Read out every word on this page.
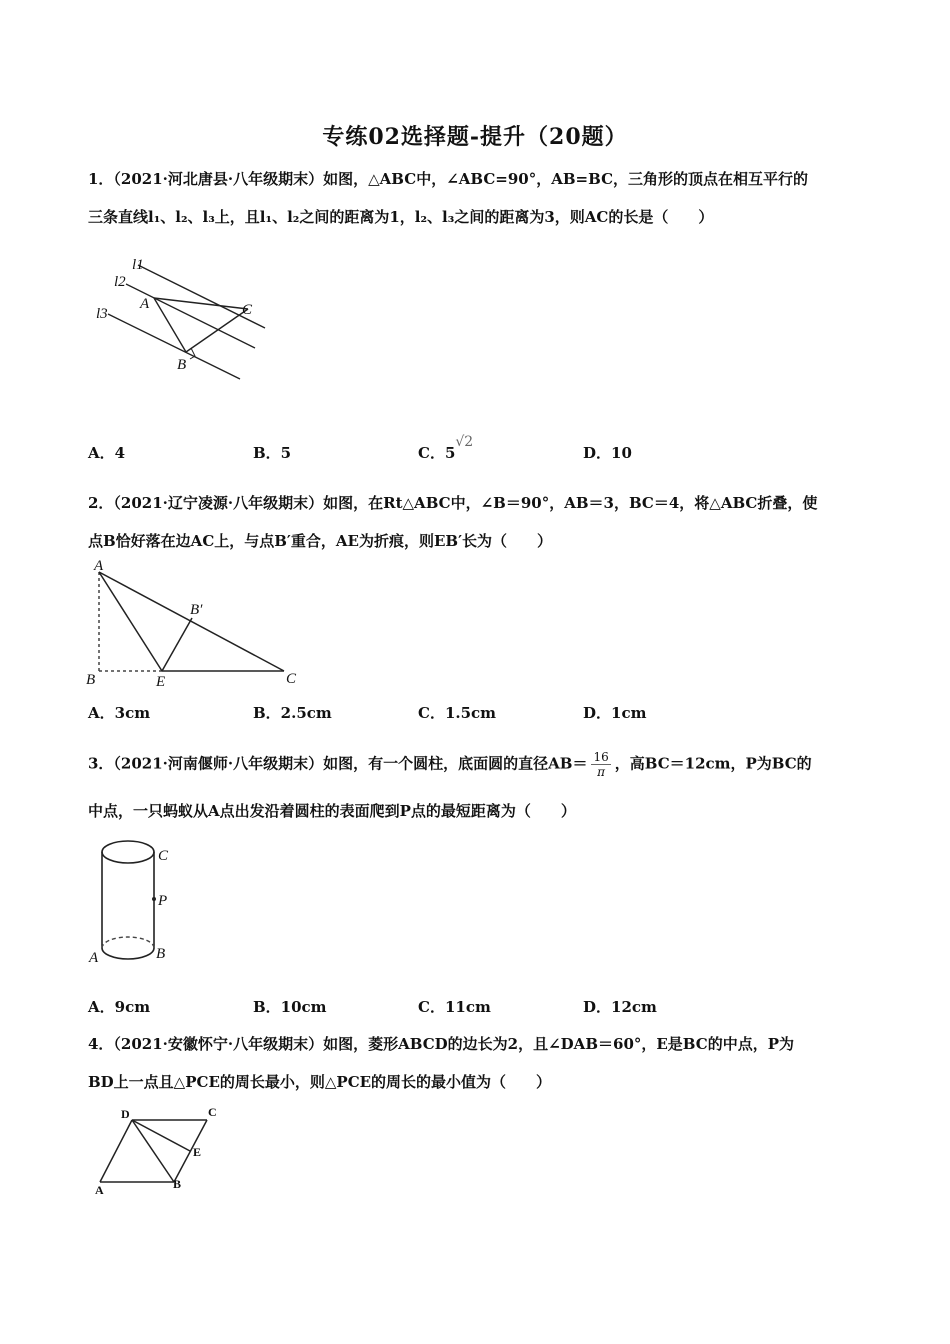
专练02选择题-提升（20题）
1．（2021·河北唐县·八年级期末）如图，△ABC中，∠ABC=90°，AB=BC，三角形的顶点在相互平行的
三条直线l₁、l₂、l₃上，且l₁、l₂之间的距离为1，l₂、l₃之间的距离为3，则AC的长是（　　）
l1
l2
l3
A
B
C
A．4	B．5	C．5√2
D．10
2．（2021·辽宁凌源·八年级期末）如图，在Rt△ABC中，∠B＝90°，AB＝3，BC＝4，将△ABC折叠，使
点B恰好落在边AC上，与点B′重合，AE为折痕，则EB′长为（　　）
A
B′
B	E	C
A．3cm	B．2.5cm	C．1.5cm	D．1cm
3．（2021·河南偃师·八年级期末）如图，有一个圆柱，底面圆的直径$AB= \frac{16}{\pi}$ ，高BC＝12cm，P为BC的
中点，一只蚂蚁从A点出发沿着圆柱的表面爬到P点的最短距离为（　　）
C
P
A	B
A．9cm	B．10cm	C．11cm	D．12cm
4．（2021·安徽怀宁·八年级期末）如图，菱形ABCD的边长为2，且∠DAB＝60°，E是BC的中点，P为
BD上一点且△PCE的周长最小，则△PCE的周长的最小值为（　　）
D	C
E
A	B
